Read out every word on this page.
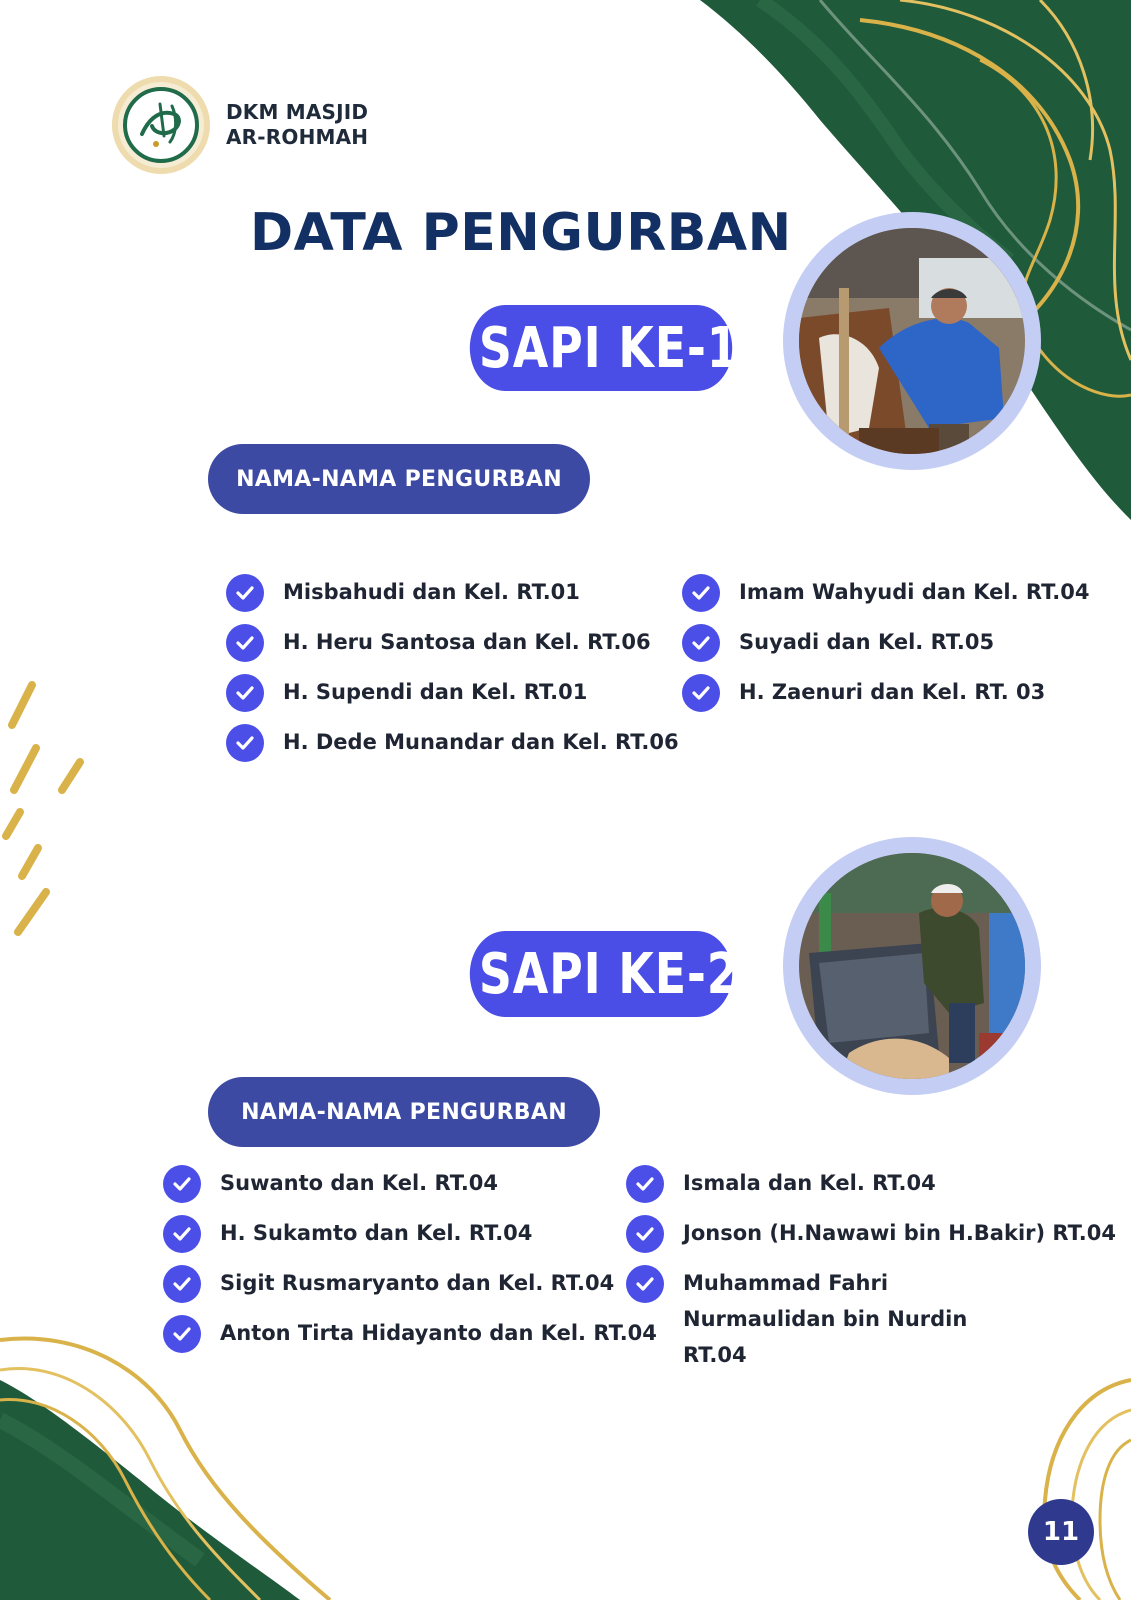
DKM MASJID
AR-ROHMAH
DATA PENGURBAN
SAPI KE-1
NAMA-NAMA PENGURBAN
Misbahudi dan Kel. RT.01
H. Heru Santosa dan Kel. RT.06
H. Supendi dan Kel. RT.01
H. Dede Munandar dan Kel. RT.06
Imam Wahyudi dan Kel. RT.04
Suyadi dan Kel. RT.05
H. Zaenuri dan Kel. RT. 03
SAPI KE-2
NAMA-NAMA PENGURBAN
Suwanto dan Kel. RT.04
H. Sukamto dan Kel. RT.04
Sigit Rusmaryanto dan Kel. RT.04
Anton Tirta Hidayanto dan Kel. RT.04
Ismala dan Kel. RT.04
Jonson (H.Nawawi bin H.Bakir) RT.04
Muhammad Fahri Nurmaulidan bin Nurdin RT.04
11
